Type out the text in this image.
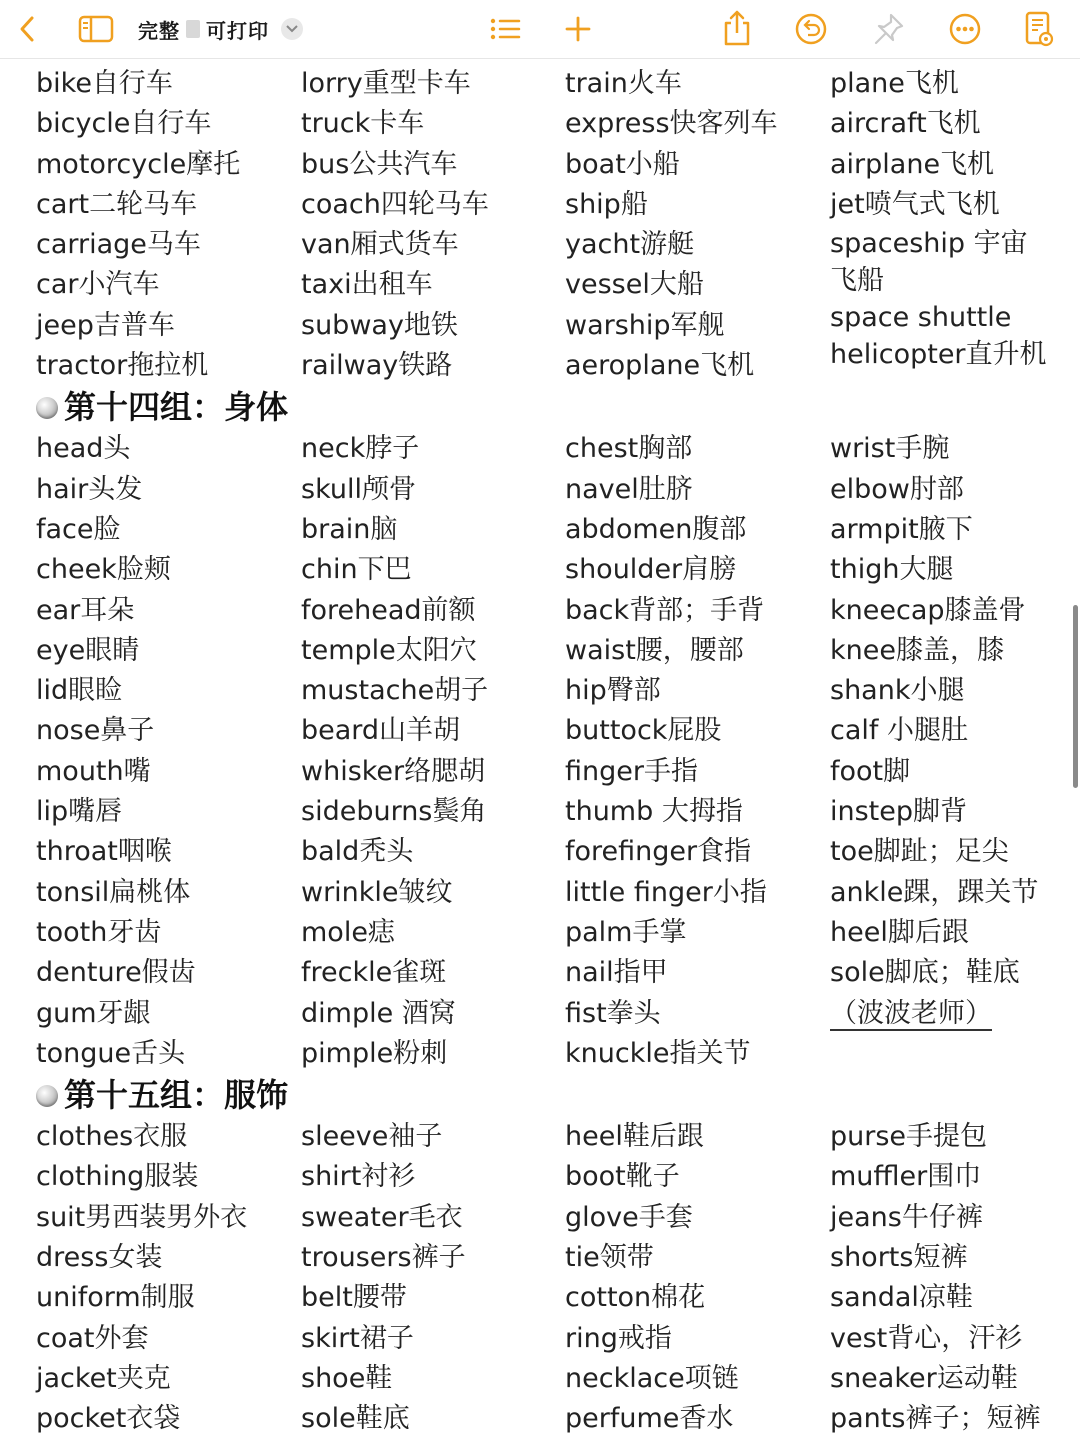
完整 可打印
bike自行车
bicycle自行车
motorcycle摩托
cart二轮马车
carriage马车
car小汽车
jeep吉普车
tractor拖拉机
lorry重型卡车
truck卡车
bus公共汽车
coach四轮马车
van厢式货车
taxi出租车
subway地铁
railway铁路
train火车
express快客列车
boat小船
ship船
yacht游艇
vessel大船
warship军舰
aeroplane飞机
plane飞机
aircraft飞机
airplane飞机
jet喷气式飞机
spaceship 宇宙飞船
space shuttle
helicopter直升机
第十四组：身体
head头
hair头发
face脸
cheek脸颊
ear耳朵
eye眼睛
lid眼睑
nose鼻子
mouth嘴
lip嘴唇
throat咽喉
tonsil扁桃体
tooth牙齿
denture假齿
gum牙龈
tongue舌头
neck脖子
skull颅骨
brain脑
chin下巴
forehead前额
temple太阳穴
mustache胡子
beard山羊胡
whisker络腮胡
sideburns鬓角
bald秃头
wrinkle皱纹
mole痣
freckle雀斑
dimple 酒窝
pimple粉刺
chest胸部
navel肚脐
abdomen腹部
shoulder肩膀
back背部；手背
waist腰，腰部
hip臀部
buttock屁股
finger手指
thumb 大拇指
forefinger食指
little finger小指
palm手掌
nail指甲
fist拳头
knuckle指关节
wrist手腕
elbow肘部
armpit腋下
thigh大腿
kneecap膝盖骨
knee膝盖，膝
shank小腿
calf 小腿肚
foot脚
instep脚背
toe脚趾；足尖
ankle踝，踝关节
heel脚后跟
sole脚底；鞋底
（波波老师）
第十五组：服饰
clothes衣服
clothing服装
suit男西装男外衣
dress女装
uniform制服
coat外套
jacket夹克
pocket衣袋
sleeve袖子
shirt衬衫
sweater毛衣
trousers裤子
belt腰带
skirt裙子
shoe鞋
sole鞋底
heel鞋后跟
boot靴子
glove手套
tie领带
cotton棉花
ring戒指
necklace项链
perfume香水
purse手提包
muffler围巾
jeans牛仔裤
shorts短裤
sandal凉鞋
vest背心，汗衫
sneaker运动鞋
pants裤子；短裤
